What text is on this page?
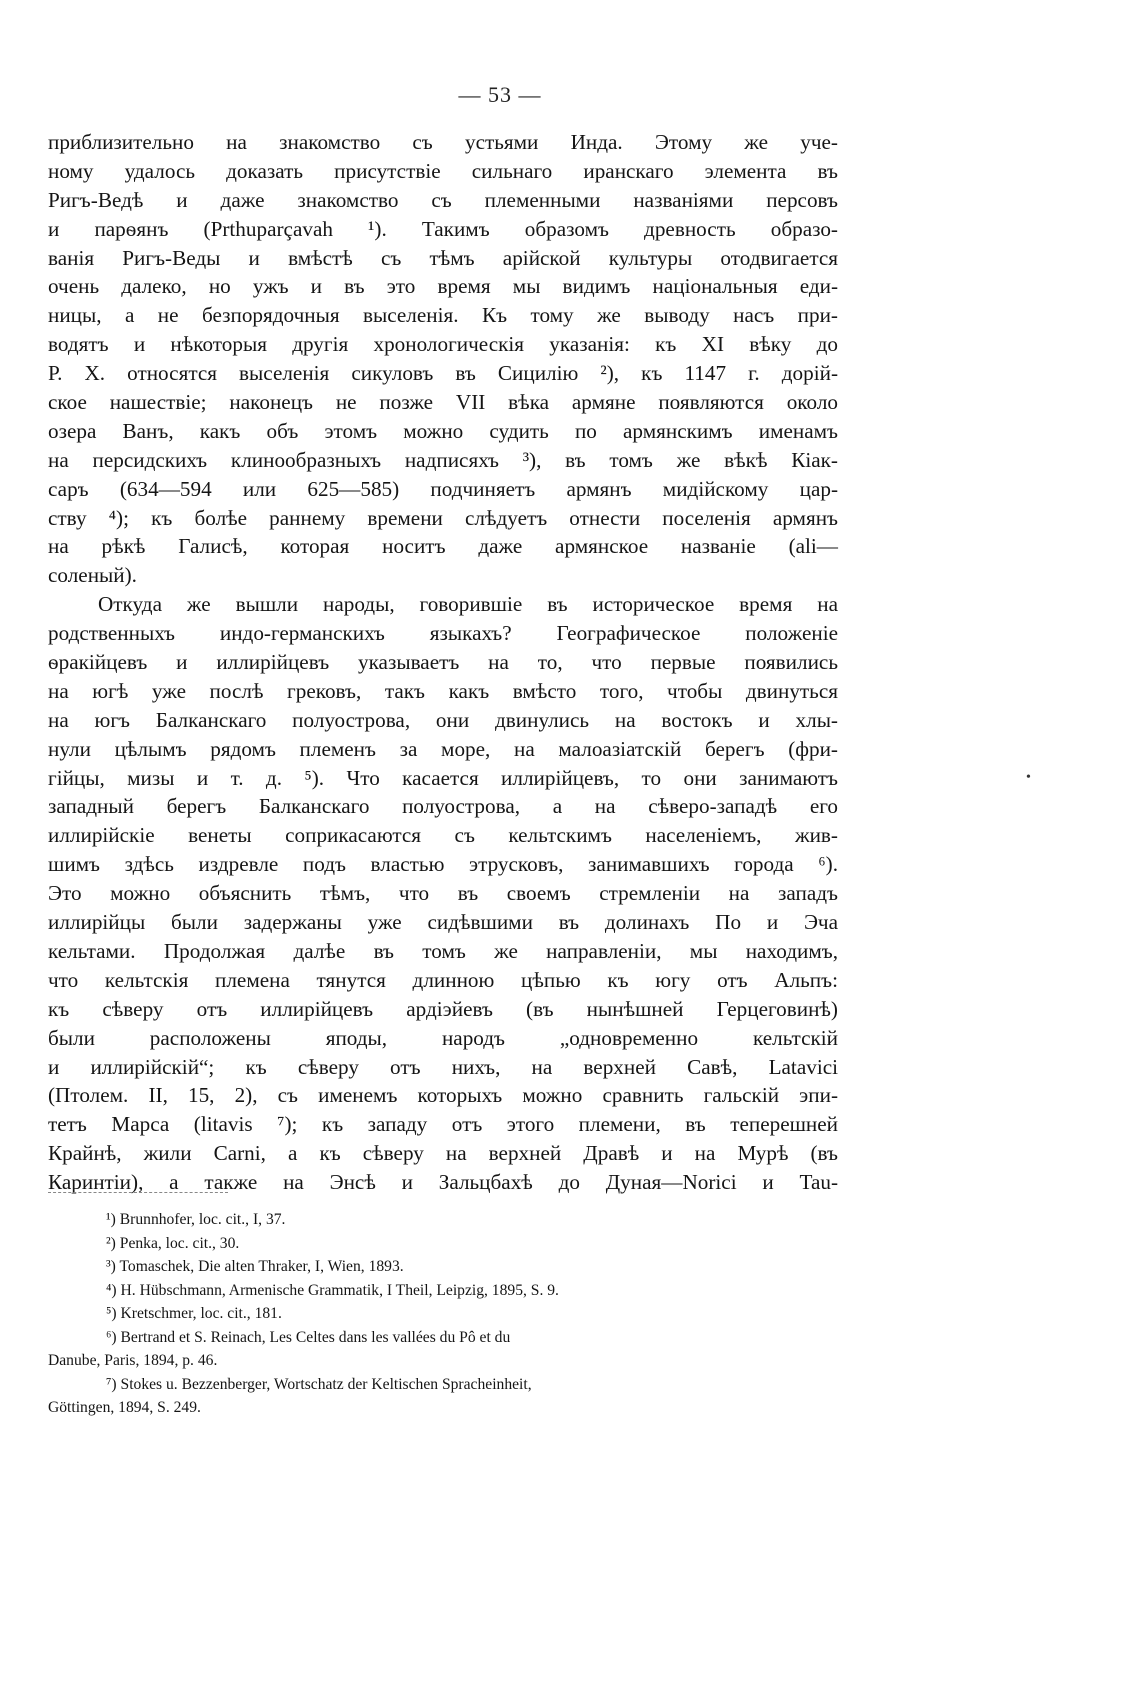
— 53 —
приблизительно на знакомство съ устьями Инда. Этому же уче-
ному удалось доказать присутствіе сильнаго иранскаго элемента въ
Ригъ-Ведѣ и даже знакомство съ племенными названіями персовъ
и парѳянъ (Prthuparçavah ¹). Такимъ образомъ древность образо-
ванія Ригъ-Веды и вмѣстѣ съ тѣмъ арійской культуры отодвигается
очень далеко, но ужъ и въ это время мы видимъ національныя еди-
ницы, а не безпорядочныя выселенія. Къ тому же выводу насъ при-
водятъ и нѣкоторыя другія хронологическія указанія: къ XI вѣку до
Р. Х. относятся выселенія сикуловъ въ Сицилію ²), къ 1147 г. дорій-
ское нашествіе; наконецъ не позже VII вѣка армяне появляются около
озера Ванъ, какъ объ этомъ можно судить по армянскимъ именамъ
на персидскихъ клинообразныхъ надписяхъ ³), въ томъ же вѣкѣ Кіак-
саръ (634—594 или 625—585) подчиняетъ армянъ мидійскому цар-
ству ⁴); къ болѣе раннему времени слѣдуетъ отнести поселенія армянъ
на рѣкѣ Галисѣ, которая носитъ даже армянское названіе (ali—
соленый).
Откуда же вышли народы, говорившіе въ историческое время на
родственныхъ индо-германскихъ языкахъ? Географическое положеніе
ѳракійцевъ и иллирійцевъ указываетъ на то, что первые появились
на югѣ уже послѣ грековъ, такъ какъ вмѣсто того, чтобы двинуться
на югъ Балканскаго полуострова, они двинулись на востокъ и хлы-
нули цѣлымъ рядомъ племенъ за море, на малоазіатскій берегъ (фри-
гійцы, мизы и т. д. ⁵). Что касается иллирійцевъ, то они занимаютъ
западный берегъ Балканскаго полуострова, а на сѣверо-западѣ его
иллирійскіе венеты соприкасаются съ кельтскимъ населеніемъ, жив-
шимъ здѣсь издревле подъ властью этрусковъ, занимавшихъ города ⁶).
Это можно объяснить тѣмъ, что въ своемъ стремленіи на западъ
иллирійцы были задержаны уже сидѣвшими въ долинахъ По и Эча
кельтами. Продолжая далѣе въ томъ же направленіи, мы находимъ,
что кельтскія племена тянутся длинною цѣпью къ югу отъ Альпъ:
къ сѣверу отъ иллирійцевъ ардіэйевъ (въ нынѣшней Герцеговинѣ)
были расположены яподы, народъ „одновременно кельтскій
и иллирійскій“; къ сѣверу отъ нихъ, на верхней Савѣ, Latavici
(Птолем. II, 15, 2), съ именемъ которыхъ можно сравнить гальскій эпи-
тетъ Марса (litavis ⁷); къ западу отъ этого племени, въ теперешней
Крайнѣ, жили Carni, а къ сѣверу на верхней Дравѣ и на Мурѣ (въ
Каринтіи), а также на Энсѣ и Зальцбахѣ до Дуная—Norici и Tau-
¹) Brunnhofer, loc. cit., I, 37.
²) Penka, loc. cit., 30.
³) Tomaschek, Die alten Thraker, I, Wien, 1893.
⁴) H. Hübschmann, Armenische Grammatik, I Theil, Leipzig, 1895, S. 9.
⁵) Kretschmer, loc. cit., 181.
⁶) Bertrand et S. Reinach, Les Celtes dans les vallées du Pô et du
Danube, Paris, 1894, p. 46.
⁷) Stokes u. Bezzenberger, Wortschatz der Keltischen Spracheinheit,
Göttingen, 1894, S. 249.
•
